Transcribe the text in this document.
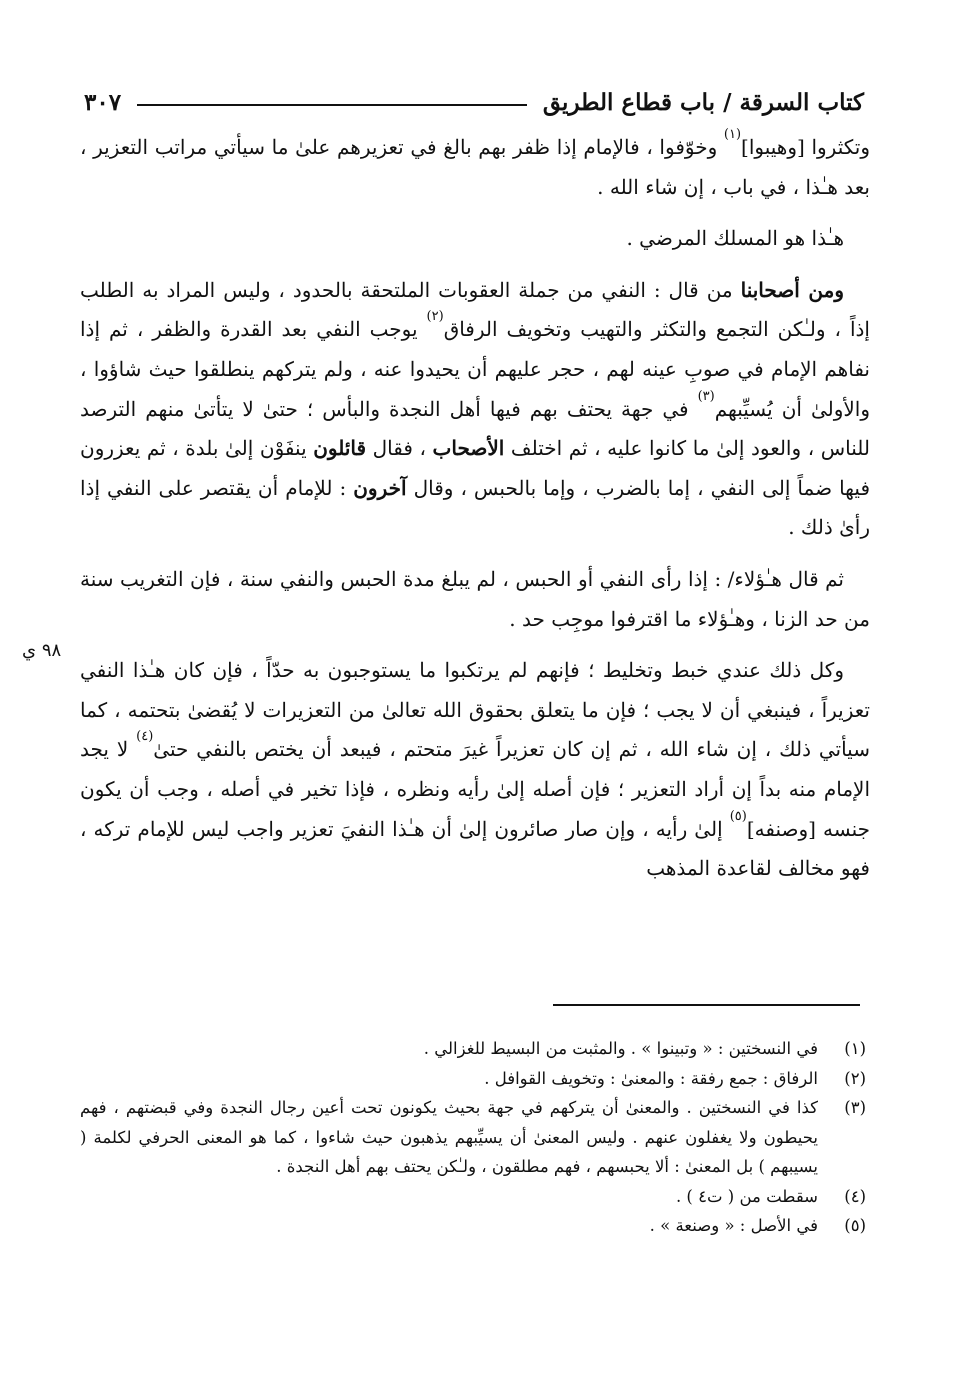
كتاب السرقة / باب قطاع الطريق
٣٠٧
٩٨ ي

وتكثروا [وهيبوا]$^{(١)}$ وخوّفوا ، فالإمام إذا ظفر بهم بالغ في تعزيرهم علىٰ ما سيأتي مراتب التعزير ، بعد هـٰذا ، في باب ، إن شاء الله .

هـٰذا هو المسلك المرضي .

ومن أصحابنا من قال : النفي من جملة العقوبات الملتحقة بالحدود ، وليس المراد به الطلب إذاً ، ولـٰكن التجمع والتكثر والتهيب وتخويف الرفاق$^{(٢)}$ يوجب النفي بعد القدرة والظفر ، ثم إذا نفاهم الإمام في صوبِ عينه لهم ، حجر عليهم أن يحيدوا عنه ، ولم يتركهم ينطلقوا حيث شاؤوا ، والأولىٰ أن يُسيِّبهم$^{(٣)}$ في جهة يحتف بهم فيها أهل النجدة والبأس ؛ حتىٰ لا يتأتىٰ منهم الترصد للناس ، والعود إلىٰ ما كانوا عليه ، ثم اختلف الأصحاب ، فقال قائلون ينفَوْن إلىٰ بلدة ، ثم يعزرون فيها ضماً إلى النفي ، إما بالضرب ، وإما بالحبس ، وقال آخرون : للإمام أن يقتصر على النفي إذا رأىٰ ذلك .

ثم قال هـٰؤلاء/ : إذا رأى النفي أو الحبس ، لم يبلغ مدة الحبس والنفي سنة ، فإن التغريب سنة من حد الزنا ، وهـٰؤلاء ما اقترفوا موجِب حد .

وكل ذلك عندي خبط وتخليط ؛ فإنهم لم يرتكبوا ما يستوجبون به حدّاً ، فإن كان هـٰذا النفي تعزيراً ، فينبغي أن لا يجب ؛ فإن ما يتعلق بحقوق الله تعالىٰ من التعزيرات لا يُقضىٰ بتحتمه ، كما سيأتي ذلك ، إن شاء الله ، ثم إن كان تعزيراً غيرَ متحتم ، فيبعد أن يختص بالنفي حتىٰ$^{(٤)}$ لا يجد الإمام منه بداً إن أراد التعزير ؛ فإن أصله إلىٰ رأيه ونظره ، فإذا تخير في أصله ، وجب أن يكون جنسه [وصنفه]$^{(٥)}$ إلىٰ رأيه ، وإن صار صائرون إلىٰ أن هـٰذا النفيَ تعزير واجب ليس للإمام تركه ، فهو مخالف لقاعدة المذهب

(١)
في النسختين : « وتبينوا » . والمثبت من البسيط للغزالي .
(٢)
الرفاق : جمع رفقة : والمعنىٰ : وتخويف القوافل .
(٣)
كذا في النسختين . والمعنىٰ أن يتركهم في جهة بحيث يكونون تحت أعين رجال النجدة وفي قبضتهم ، فهم يحيطون ولا يغفلون عنهم . وليس المعنىٰ أن يسيِّبهم يذهبون حيث شاءوا ، كما هو المعنى الحرفي لكلمة ( يسيبهم ) بل المعنىٰ : ألا يحبسهم ، فهم مطلقون ، ولـٰكن يحتف بهم أهل النجدة .
(٤)
سقطت من ( ت٤ ) .
(٥)
في الأصل : « وصنعة » .
